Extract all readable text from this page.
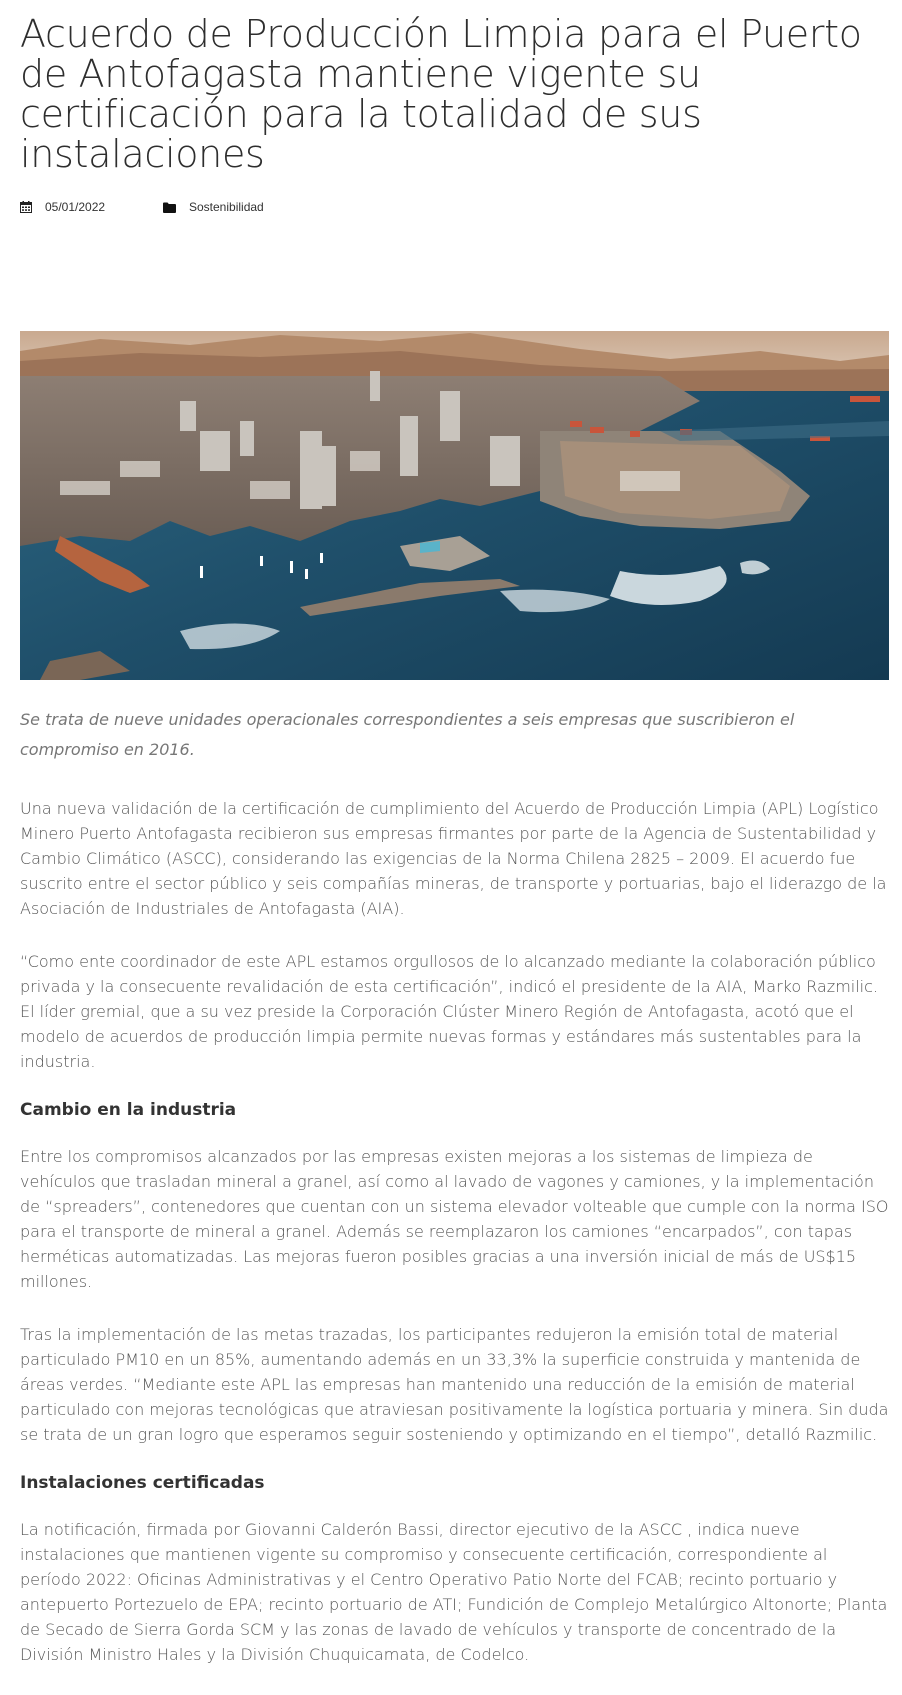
Acuerdo de Producción Limpia para el Puerto de Antofagasta mantiene vigente su certificación para la totalidad de sus instalaciones
05/01/2022	Sostenibilidad
Se trata de nueve unidades operacionales correspondientes a seis empresas que suscribieron el compromiso en 2016.

Una nueva validación de la certificación de cumplimiento del Acuerdo de Producción Limpia (APL) Logístico Minero Puerto Antofagasta recibieron sus empresas firmantes por parte de la Agencia de Sustentabilidad y Cambio Climático (ASCC), considerando las exigencias de la Norma Chilena 2825 – 2009. El acuerdo fue suscrito entre el sector público y seis compañías mineras, de transporte y portuarias, bajo el liderazgo de la Asociación de Industriales de Antofagasta (AIA).

“Como ente coordinador de este APL estamos orgullosos de lo alcanzado mediante la colaboración público privada y la consecuente revalidación de esta certificación”, indicó el presidente de la AIA, Marko Razmilic. El líder gremial, que a su vez preside la Corporación Clúster Minero Región de Antofagasta, acotó que el modelo de acuerdos de producción limpia permite nuevas formas y estándares más sustentables para la industria.

Cambio en la industria

Entre los compromisos alcanzados por las empresas existen mejoras a los sistemas de limpieza de vehículos que trasladan mineral a granel, así como al lavado de vagones y camiones, y la implementación de “spreaders”, contenedores que cuentan con un sistema elevador volteable que cumple con la norma ISO para el transporte de mineral a granel. Además se reemplazaron los camiones “encarpados”, con tapas herméticas automatizadas. Las mejoras fueron posibles gracias a una inversión inicial de más de US$15 millones.

Tras la implementación de las metas trazadas, los participantes redujeron la emisión total de material particulado PM10 en un 85%, aumentando además en un 33,3% la superficie construida y mantenida de áreas verdes. “Mediante este APL las empresas han mantenido una reducción de la emisión de material particulado con mejoras tecnológicas que atraviesan positivamente la logística portuaria y minera. Sin duda se trata de un gran logro que esperamos seguir sosteniendo y optimizando en el tiempo”, detalló Razmilic.

Instalaciones certificadas

La notificación, firmada por Giovanni Calderón Bassi, director ejecutivo de la ASCC , indica nueve instalaciones que mantienen vigente su compromiso y consecuente certificación, correspondiente al período 2022: Oficinas Administrativas y el Centro Operativo Patio Norte del FCAB; recinto portuario y antepuerto Portezuelo de EPA; recinto portuario de ATI; Fundición de Complejo Metalúrgico Altonorte; Planta de Secado de Sierra Gorda SCM y las zonas de lavado de vehículos y transporte de concentrado de la División Ministro Hales y la División Chuquicamata, de Codelco.
